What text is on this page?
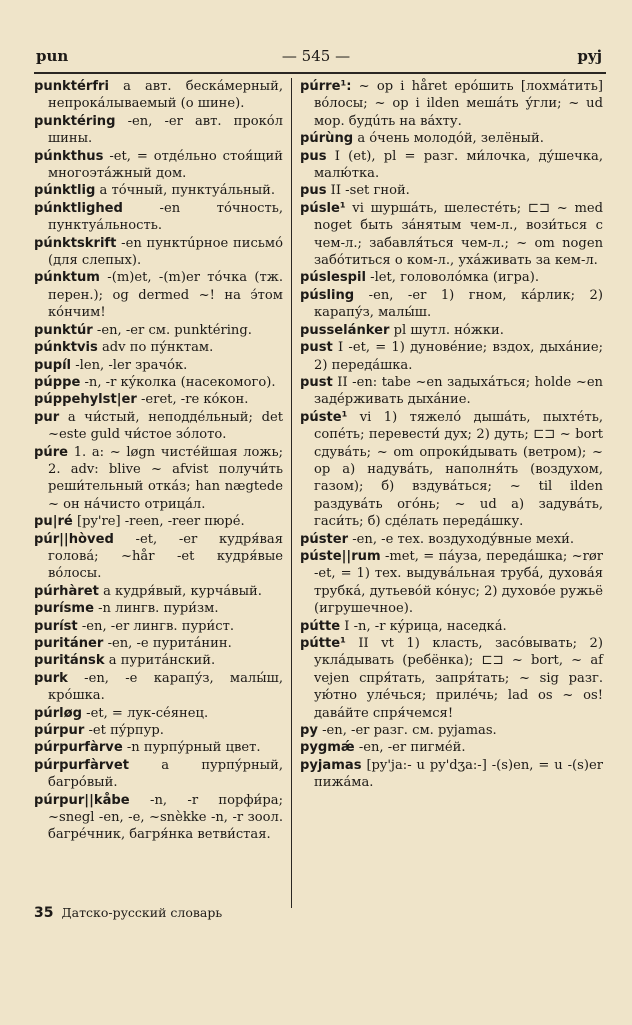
pun	— 545 —	pyj

punktérfri a авт. бескáмерный, непрокáлываемый (о шине).

punktéring -en, -er авт. прокóл шины.

púnkthus -et, = отдéльно стоя́щий многоэтáжный дом.

púnktlig a тóчный, пунктуáльный.

púnktlighed -en тóчность, пунктуáльность.

púnktskrift -en пунктúрное письмó (для слепых).

púnktum -(m)et, -(m)er тóчка (тж. перен.); og dermed ~! на э́том кóнчим!

punktúr -en, -er см. punktéring.

púnktvis adv по пу́нктам.

pupíl -len, -ler зрачóк.

púppe -n, -r кýколка (насекомого).

púppehylst|er -eret, -re кóкон.

pur a чи́стый, неподдéльный; det ~este guld чи́стое зóлото.

púre 1. a: ~ løgn чистéйшая ложь; 2. adv: blive ~ afvist получи́ть реши́тельный откáз; han nægtede ~ он нáчисто отрицáл.

pu|ré [py're] -reen, -reer пюрé.

púr||hòved -et, -er кудря́вая головá; ~hår -et кудря́вые вóлосы.

púrhàret a кудря́вый, курчáвый.

purísme -n лингв. пури́зм.

puríst -en, -er лингв. пури́ст.

puritáner -en, -e пуритáнин.

puritánsk a пуритáнский.

purk -en, -e карапу́з, малы́ш, крóшка.

púrløg -et, = лук-сéянец.

púrpur -et пу́рпур.

púrpurfàrve -n пурпу́рный цвет.

púrpurfàrvet a пурпу́рный, багрóвый.

púrpur||kåbe -n, -r порфи́ра; ~snegl -en, -e, ~snèkke -n, -r зоол. багрéчник, багря́нка ветви́стая.

púrre¹: ~ op i håret ерóшить [лохмáтить] вóлосы; ~ op i ilden мешáть у́гли; ~ ud мор. будúть на вáхту.

púrùng a óчень молодóй, зелёный.

pus I (et), pl = разг. ми́лочка, ду́шечка, малю́тка.

pus II -set гной.

púsle¹ vi шуршáть, шелестéть; ⊏⊐ ~ med noget быть зáнятым чем-л., вози́ться с чем-л.; забавля́ться чем-л.; ~ om nogen забóтиться о ком-л., ухáживать за кем-л.

púslespil -let, головолóмка (игра).

púsling -en, -er 1) гном, кáрлик; 2) карапу́з, малы́ш.

pusselánker pl шутл. нóжки.

pust I -et, = 1) дуновéние; вздох, дыхáние; 2) передáшка.

pust II -en: tabe ~en задыхáться; holde ~en задéрживать дыхáние.

púste¹ vi 1) тяжелó дышáть, пыхтéть, сопéть; перевести́ дух; 2) дуть; ⊏⊐ ~ bort сдувáть; ~ om опроки́дывать (ветром); ~ op a) надувáть, наполня́ть (воздухом, газом); б) вздувáться; ~ til ilden раздувáть огóнь; ~ ud a) задувáть, гаси́ть; б) сдéлать передáшку.

púster -en, -e тех. воздуходу́вные мехи́.

púste||rum -met, = пáуза, передáшка; ~rør -et, = 1) тех. выдувáльная трубá, духовáя трубкá, дутьевóй кóнус; 2) духовóе ружьё (игрушечное).

pútte I -n, -r кýрица, наседкá.

pútte¹ II vt 1) класть, засóвывать; 2) уклáдывать (ребёнка); ⊏⊐ ~ bort, ~ af vejen спря́тать, запря́тать; ~ sig разг. ую́тно улéчься; прилéчь; lad os ~ os! давáйте спря́чемся!

py -en, -er разг. см. pyjamas.

pygmǽ -en, -er пигмéй.

pyjamas [py'ja:- u py'dʒa:-] -(s)en, = u -(s)er пижáма.

35 Датско-русский словарь
